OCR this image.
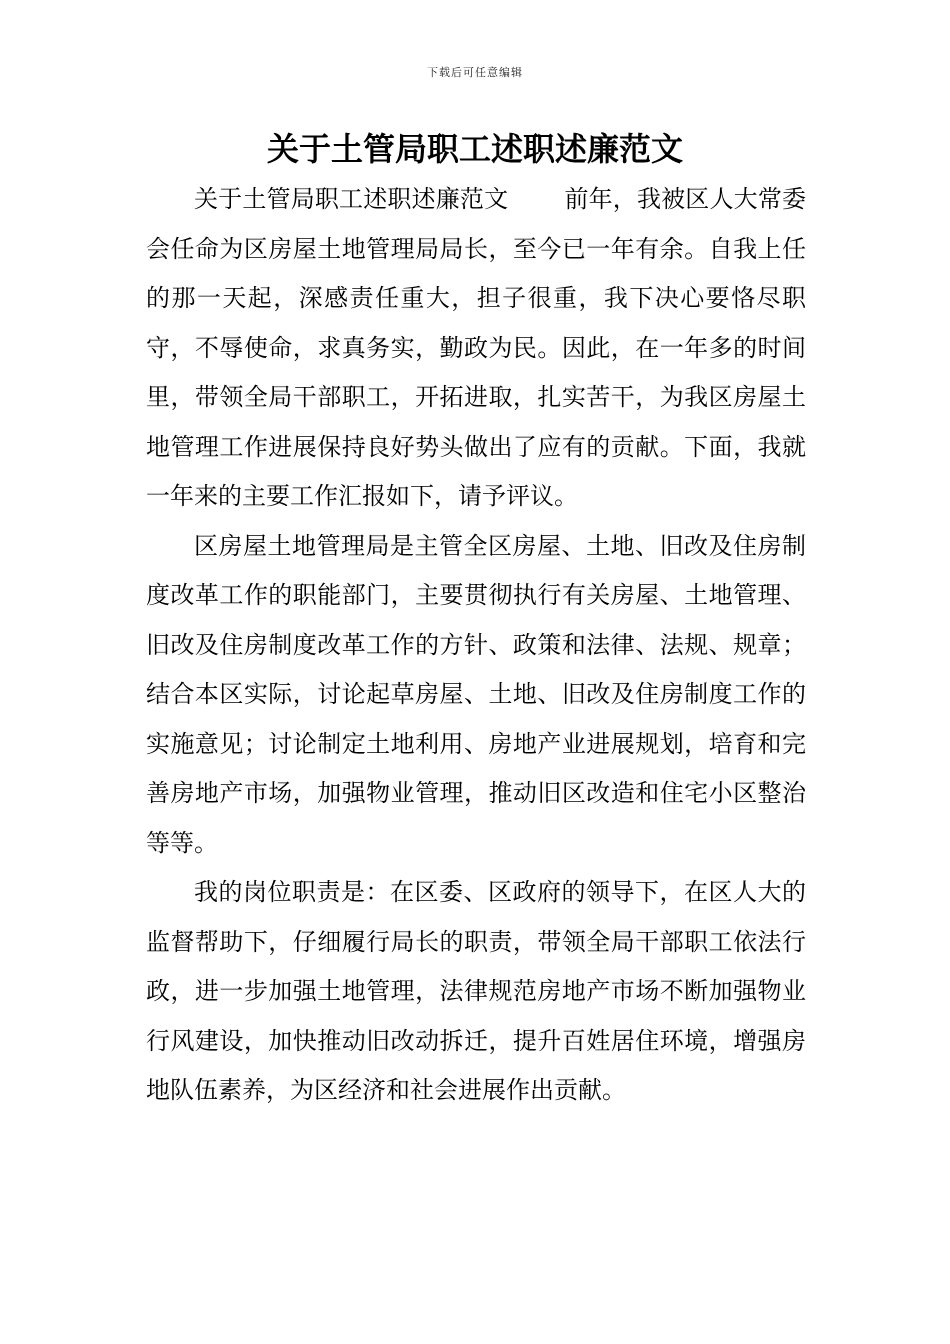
下载后可任意编辑
关于土管局职工述职述廉范文

关于土管局职工述职述廉范文 前年，我被区人大常委会任命为区房屋土地管理局局长，至今已一年有余。自我上任的那一天起，深感责任重大，担子很重，我下决心要恪尽职守，不辱使命，求真务实，勤政为民。因此，在一年多的时间里，带领全局干部职工，开拓进取，扎实苦干，为我区房屋土地管理工作进展保持良好势头做出了应有的贡献。下面，我就一年来的主要工作汇报如下，请予评议。

区房屋土地管理局是主管全区房屋、土地、旧改及住房制度改革工作的职能部门，主要贯彻执行有关房屋、土地管理、旧改及住房制度改革工作的方针、政策和法律、法规、规章；结合本区实际，讨论起草房屋、土地、旧改及住房制度工作的实施意见；讨论制定土地利用、房地产业进展规划，培育和完善房地产市场，加强物业管理，推动旧区改造和住宅小区整治等等。

我的岗位职责是：在区委、区政府的领导下，在区人大的监督帮助下，仔细履行局长的职责，带领全局干部职工依法行政，进一步加强土地管理，法律规范房地产市场不断加强物业行风建设，加快推动旧改动拆迁，提升百姓居住环境，增强房地队伍素养，为区经济和社会进展作出贡献。
